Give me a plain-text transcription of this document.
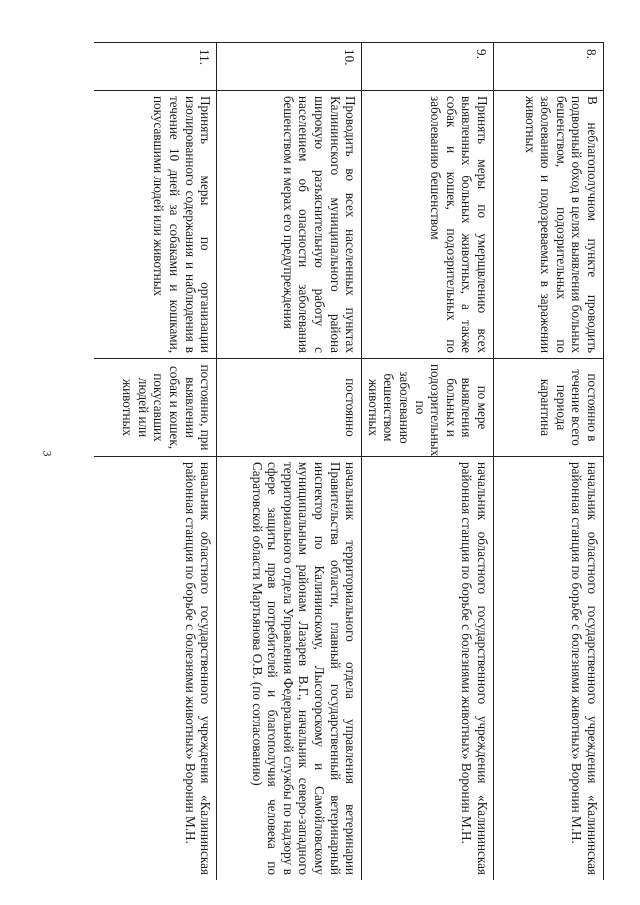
3
8.	В неблагополучном пункте проводить подворный обход в целях выявления больных бешенством, подозрительных по заболеванию и подозреваемых в заражении животных	постоянно в течение всего периода карантина	начальник областного государственного учреждения «Калининская районная станция по борьбе с болезнями животных» Воронин М.Н.
9.	Принять меры по умерщвлению всех выявленных больных животных, а также собак и кошек, подозрительных по заболеванию бешенством	по мере выявления больных и подозрительных по заболеванию бешенством животных	начальник областного государственного учреждения «Калининская районная станция по борьбе с болезнями животных» Воронин М.Н.
10.	Проводить во всех населенных пунктах Калининского муниципального района широкую разъяснительную работу с населением об опасности заболевания бешенством и мерах его предупреждения	постоянно	начальник территориального отдела управления ветеринарии Правительства области, главный государственный ветеринарный инспектор по Калининскому, Лысогорскому и Самойловскому муниципальным районам Лазарев В.Г., начальник северо-западного территориального отдела Управления Федеральной службы по надзору в сфере защиты прав потребителей и благополучия человека по Саратовской области Мартьянова О.В. (по согласованию)
11.	Принять меры по организации изолированного содержания и наблюдения в течение 10 дней за собаками и кошками, покусавшими людей или животных	постоянно, при выявлении собак и кошек, покусавших людей или животных	начальник областного государственного учреждения «Калининская районная станция по борьбе с болезнями животных» Воронин М.Н.
